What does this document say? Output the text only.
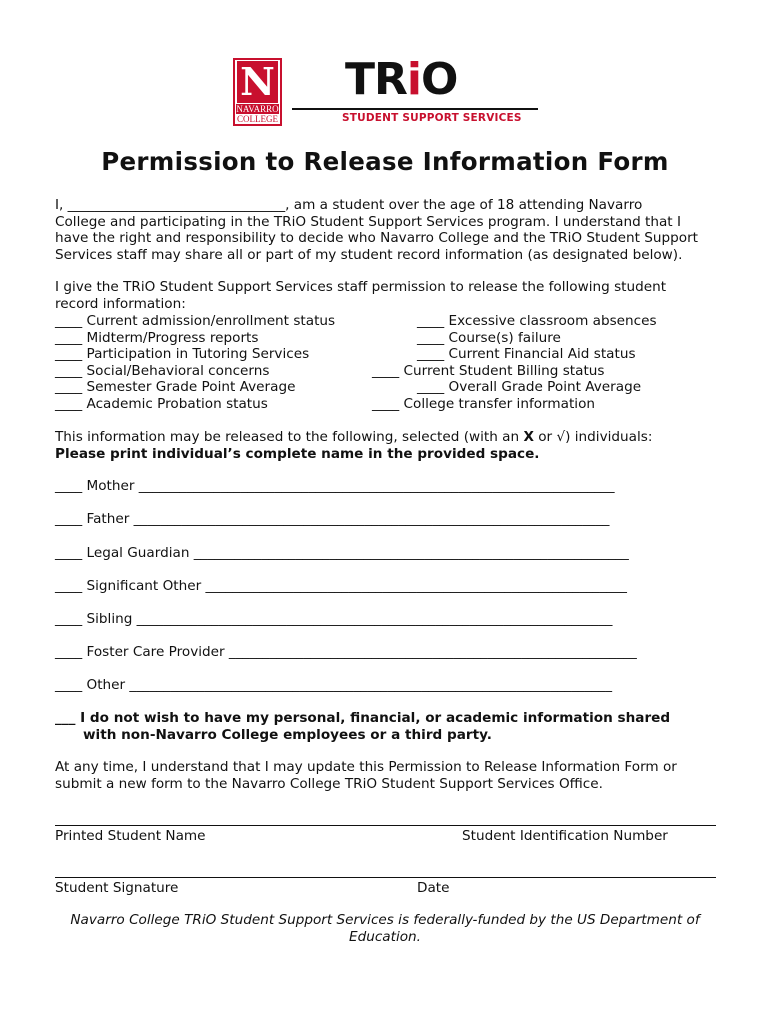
N
NAVARRO
COLLEGE
TRiO
STUDENT SUPPORT SERVICES
Permission to Release Information Form
I, ________________________________, am a student over the age of 18 attending Navarro
College and participating in the TRiO Student Support Services program. I understand that I
have the right and responsibility to decide who Navarro College and the TRiO Student Support
Services staff may share all or part of my student record information (as designated below).
I give the TRiO Student Support Services staff permission to release the following student
record information:
____ Current admission/enrollment status
____ Midterm/Progress reports
____ Participation in Tutoring Services
____ Social/Behavioral concerns
____ Semester Grade Point Average
____ Academic Probation status
____ Excessive classroom absences
____ Course(s) failure
____ Current Financial Aid status
____ Current Student Billing status
____ Overall Grade Point Average
____ College transfer information
This information may be released to the following, selected (with an X or √) individuals:
Please print individual’s complete name in the provided space.
____ Mother ______________________________________________________________________
____ Father ______________________________________________________________________
____ Legal Guardian ________________________________________________________________
____ Significant Other ______________________________________________________________
____ Sibling ______________________________________________________________________
____ Foster Care Provider ____________________________________________________________
____ Other _______________________________________________________________________
___ I do not wish to have my personal, financial, or academic information shared
with non-Navarro College employees or a third party.
At any time, I understand that I may update this Permission to Release Information Form or
submit a new form to the Navarro College TRiO Student Support Services Office.
Printed Student Name	Student Identification Number
Student Signature	Date
Navarro College TRiO Student Support Services is federally-funded by the US Department of
Education.
